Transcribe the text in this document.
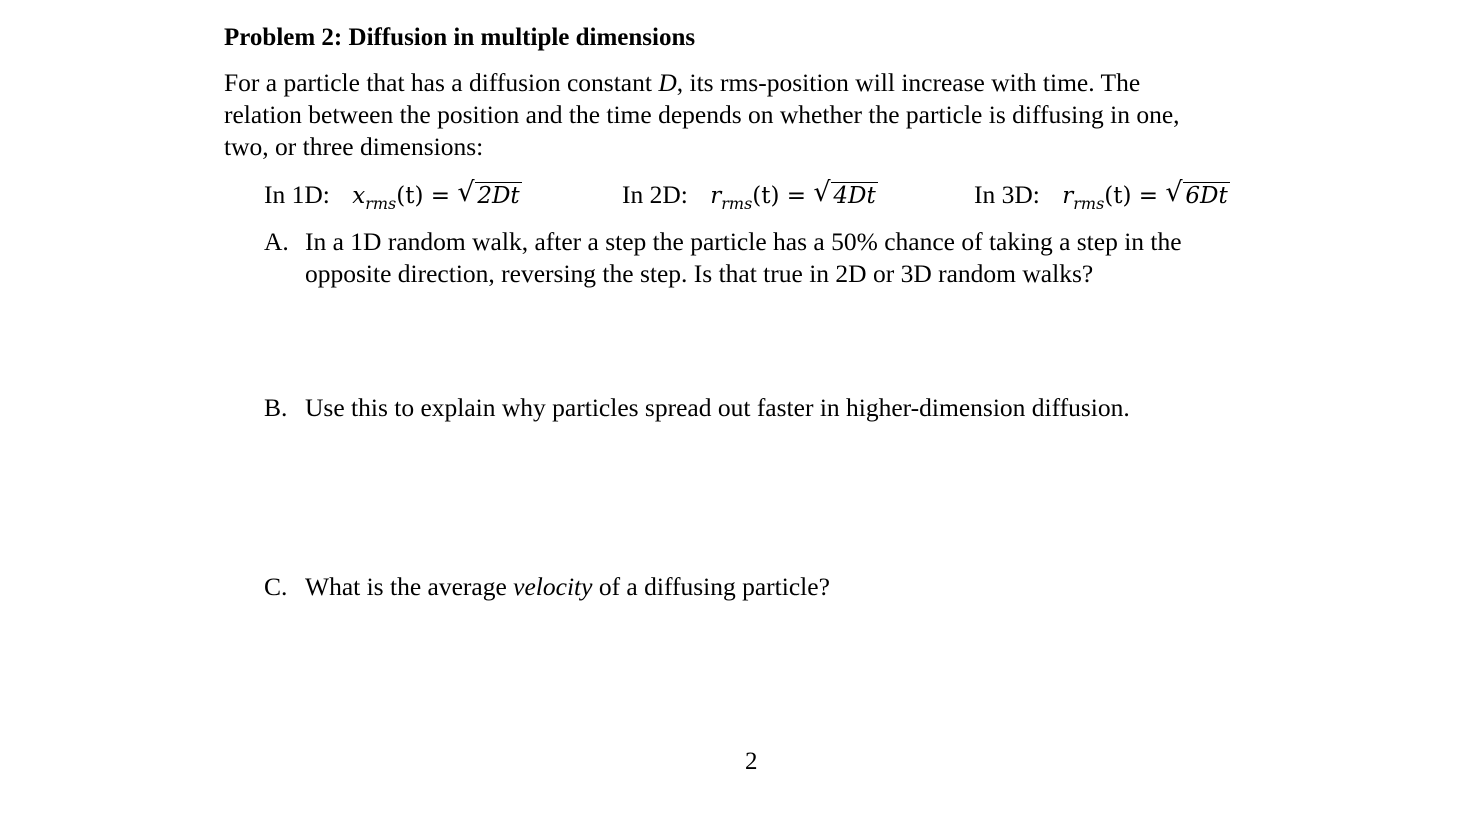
Problem 2: Diffusion in multiple dimensions
For a particle that has a diffusion constant D, its rms-position will increase with time. The
relation between the position and the time depends on whether the particle is diffusing in one,
two, or three dimensions:
In 1D: $x_{rms}(t)$ = √ 2Dt	In 2D: $r_{rms}(t)$ = √ 4Dt	In 3D: $r_{rms}(t)$ = √ 6Dt
A. In a 1D random walk, after a step the particle has a 50% chance of taking a step in the
opposite direction, reversing the step. Is that true in 2D or 3D random walks?
B. Use this to explain why particles spread out faster in higher-dimension diffusion.
C. What is the average velocity of a diffusing particle?
2
